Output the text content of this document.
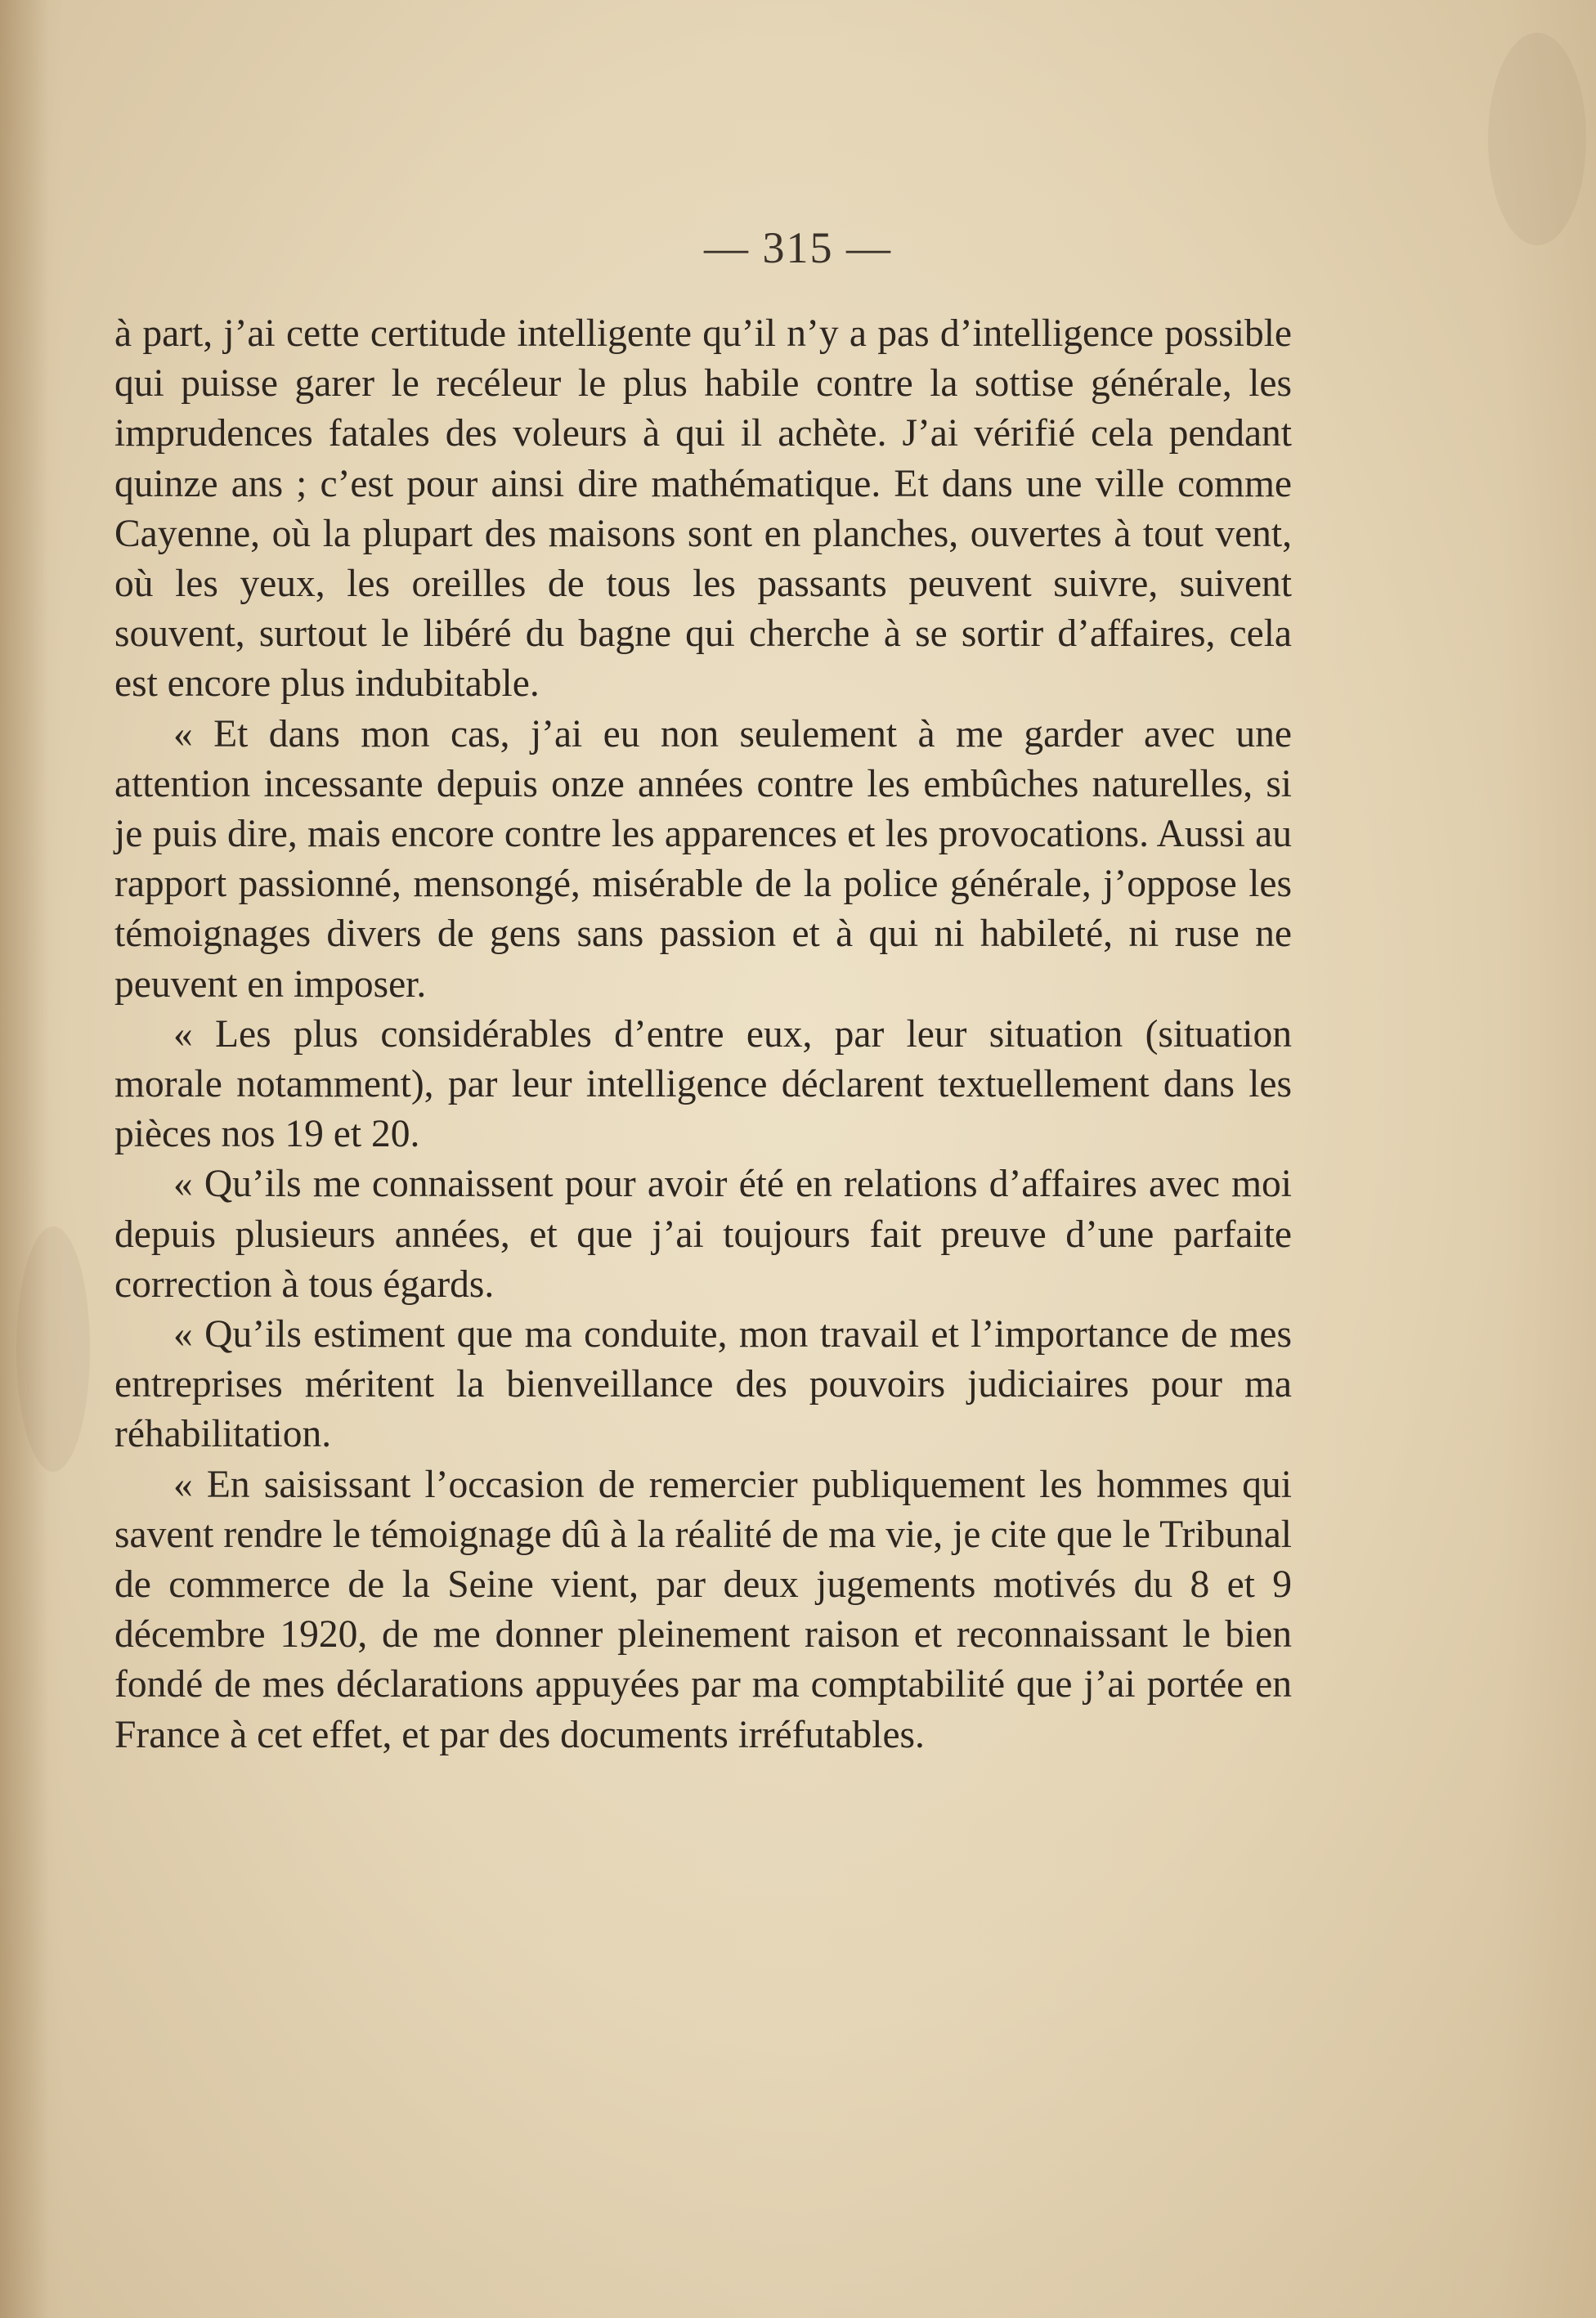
— 315 —

à part, j’ai cette certitude intelligente qu’il n’y a pas d’intelligence possible qui puisse garer le recéleur le plus habile contre la sottise générale, les imprudences fatales des voleurs à qui il achète. J’ai vérifié cela pendant quinze ans ; c’est pour ainsi dire mathématique. Et dans une ville comme Cayenne, où la plupart des maisons sont en planches, ouvertes à tout vent, où les yeux, les oreilles de tous les passants peuvent suivre, suivent souvent, surtout le libéré du bagne qui cherche à se sortir d’affaires, cela est encore plus indubitable.

« Et dans mon cas, j’ai eu non seulement à me garder avec une attention incessante depuis onze années contre les embûches naturelles, si je puis dire, mais encore contre les apparences et les provocations. Aussi au rapport passionné, mensongé, misérable de la police générale, j’oppose les témoignages divers de gens sans passion et à qui ni habileté, ni ruse ne peuvent en imposer.

« Les plus considérables d’entre eux, par leur situation (situation morale notamment), par leur intelligence déclarent textuellement dans les pièces nos 19 et 20.

« Qu’ils me connaissent pour avoir été en relations d’affaires avec moi depuis plusieurs années, et que j’ai toujours fait preuve d’une parfaite correction à tous égards.

« Qu’ils estiment que ma conduite, mon travail et l’importance de mes entreprises méritent la bienveillance des pouvoirs judiciaires pour ma réhabilitation.

« En saisissant l’occasion de remercier publiquement les hommes qui savent rendre le témoignage dû à la réalité de ma vie, je cite que le Tribunal de commerce de la Seine vient, par deux jugements motivés du 8 et 9 décembre 1920, de me donner pleinement raison et reconnaissant le bien fondé de mes déclarations appuyées par ma comptabilité que j’ai portée en France à cet effet, et par des documents irréfutables.
